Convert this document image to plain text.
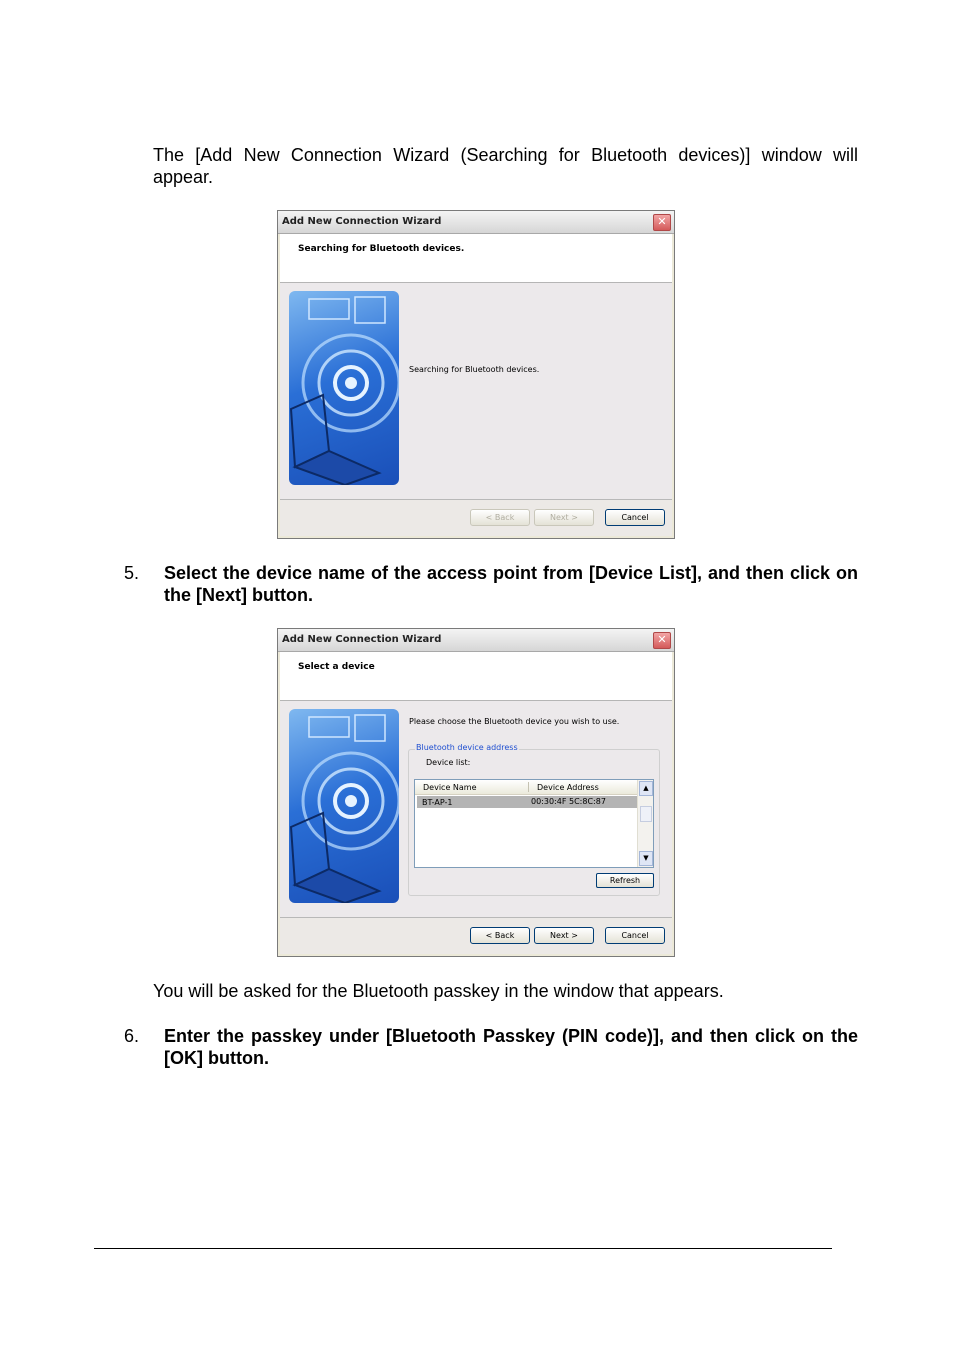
The [Add New Connection Wizard (Searching for Bluetooth devices)] window will appear.
Add New Connection Wizard	✕
Searching for Bluetooth devices.
Searching for Bluetooth devices.
< Back	Next >	Cancel
5. Select the device name of the access point from [Device List], and then click on the [Next] button.
Add New Connection Wizard	✕
Select a device
Please choose the Bluetooth device you wish to use.
Bluetooth device address
Device list:
Device Name	Device Address
BT-AP-1	00:30:4F 5C:8C:87
▲
▼
Refresh
< Back	Next >	Cancel
You will be asked for the Bluetooth passkey in the window that appears.
6. Enter the passkey under [Bluetooth Passkey (PIN code)], and then click on the [OK] button.
